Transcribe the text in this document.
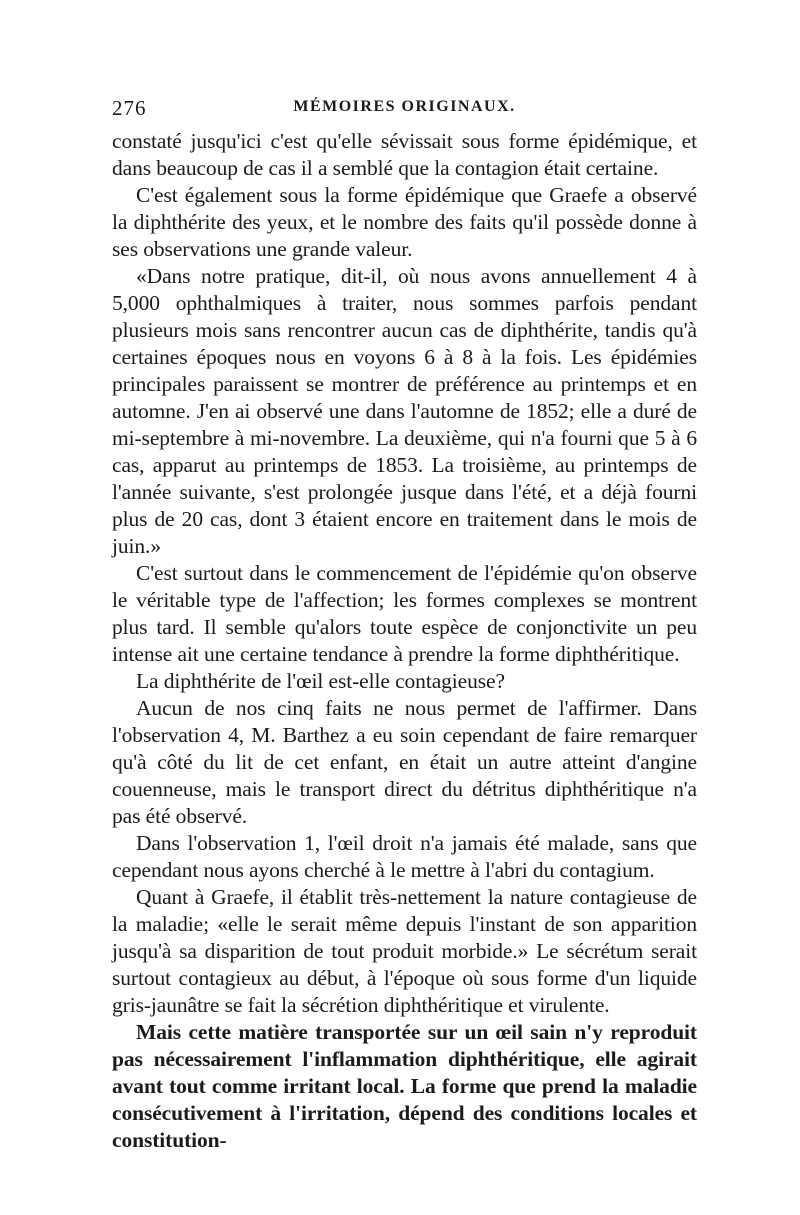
276	MÉMOIRES ORIGINAUX.

constaté jusqu'ici c'est qu'elle sévissait sous forme épidémique, et dans beaucoup de cas il a semblé que la contagion était certaine.

C'est également sous la forme épidémique que Graefe a observé la diphthérite des yeux, et le nombre des faits qu'il possède donne à ses observations une grande valeur.

«Dans notre pratique, dit-il, où nous avons annuellement 4 à 5,000 ophthalmiques à traiter, nous sommes parfois pendant plusieurs mois sans rencontrer aucun cas de diphthérite, tandis qu'à certaines époques nous en voyons 6 à 8 à la fois. Les épidémies principales paraissent se montrer de préférence au printemps et en automne. J'en ai observé une dans l'automne de 1852; elle a duré de mi-septembre à mi-novembre. La deuxième, qui n'a fourni que 5 à 6 cas, apparut au printemps de 1853. La troisième, au printemps de l'année suivante, s'est prolongée jusque dans l'été, et a déjà fourni plus de 20 cas, dont 3 étaient encore en traitement dans le mois de juin.»

C'est surtout dans le commencement de l'épidémie qu'on observe le véritable type de l'affection; les formes complexes se montrent plus tard. Il semble qu'alors toute espèce de conjonctivite un peu intense ait une certaine tendance à prendre la forme diphthéritique.

La diphthérite de l'œil est-elle contagieuse?

Aucun de nos cinq faits ne nous permet de l'affirmer. Dans l'observation 4, M. Barthez a eu soin cependant de faire remarquer qu'à côté du lit de cet enfant, en était un autre atteint d'angine couenneuse, mais le transport direct du détritus diphthéritique n'a pas été observé.

Dans l'observation 1, l'œil droit n'a jamais été malade, sans que cependant nous ayons cherché à le mettre à l'abri du contagium.

Quant à Graefe, il établit très-nettement la nature contagieuse de la maladie; «elle le serait même depuis l'instant de son apparition jusqu'à sa disparition de tout produit morbide.» Le sécrétum serait surtout contagieux au début, à l'époque où sous forme d'un liquide gris-jaunâtre se fait la sécrétion diphthéritique et virulente.

Mais cette matière transportée sur un œil sain n'y reproduit pas nécessairement l'inflammation diphthéritique, elle agirait avant tout comme irritant local. La forme que prend la maladie consécutivement à l'irritation, dépend des conditions locales et constitution-
